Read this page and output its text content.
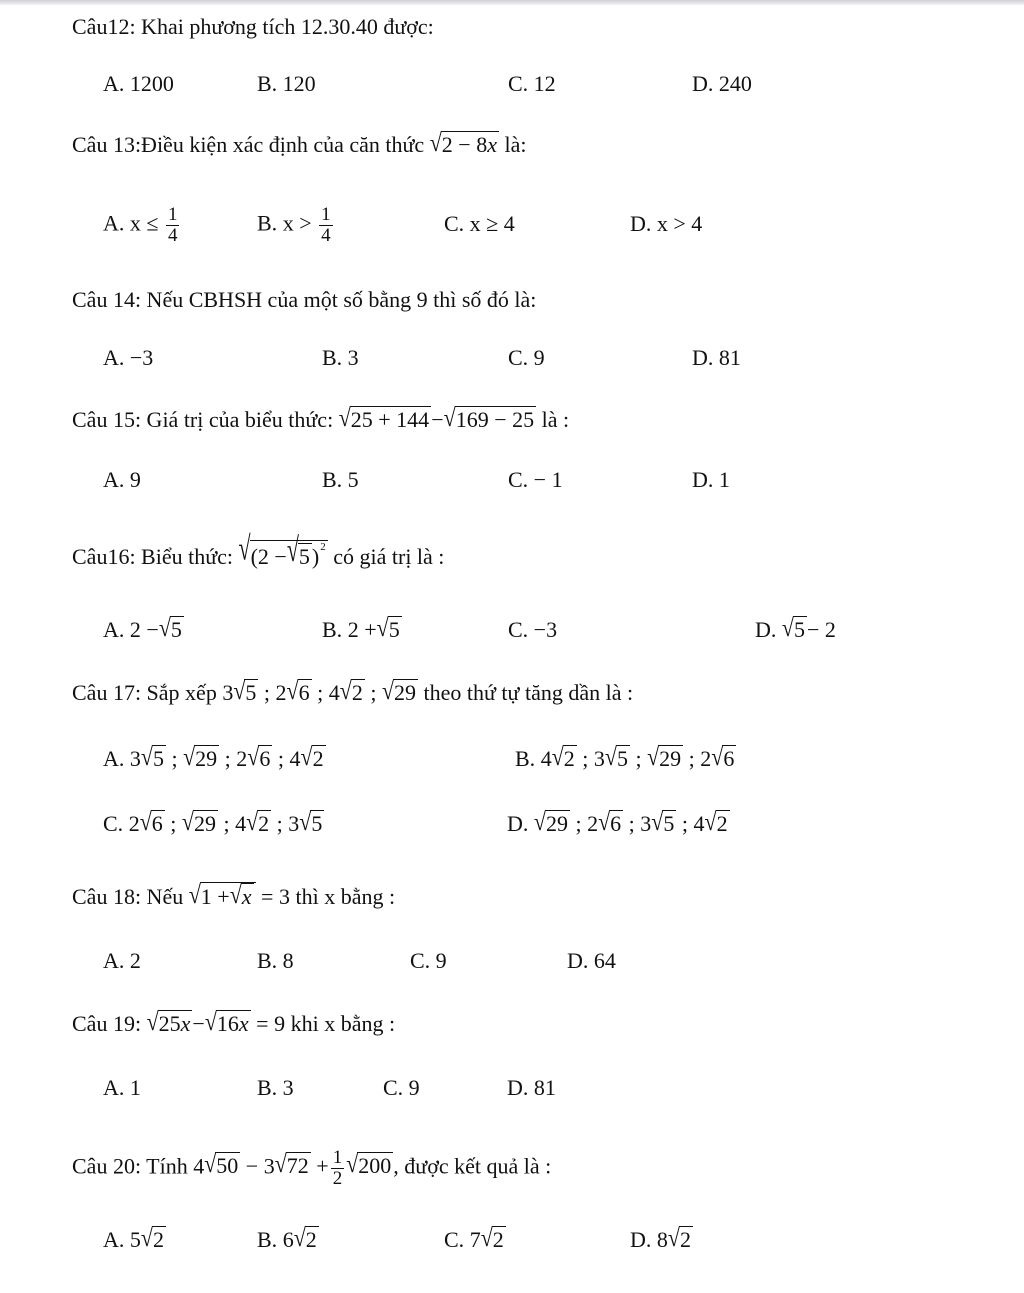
Câu12: Khai phương tích 12.30.40 được:
A. 1200	B. 120	C. 12	D. 240
Câu 13:Điều kiện xác định của căn thức √2 − 8x là:
A. $x \le \frac{1}{4}$	B. $x > \frac{1}{4}$	C. x ≥ 4	D. x > 4
Câu 14: Nếu CBHSH của một số bằng 9 thì số đó là:
A. −3	B. 3	C. 9	D. 81
Câu 15: Giá trị của biểu thức: √25 + 144−√169 − 25 là :
A. 9	B. 5	C. − 1	D. 1
Câu16: Biểu thức: $√(2 -√5)^2$ có giá trị là :
A. 2 −√5	B. 2 +√5	C. −3	D. √5− 2
Câu 17: Sắp xếp 3√5 ; 2√6 ; 4√2 ; √29 theo thứ tự tăng dần là :
A. 3√5 ; √29 ; 2√6 ; 4√2	B. 4√2 ; 3√5 ; √29 ; 2√6
C. 2√6 ; √29 ; 4√2 ; 3√5	D. √29 ; 2√6 ; 3√5 ; 4√2
Câu 18: Nếu √1 +√x = 3 thì x bằng :
A. 2	B. 8	C. 9	D. 64
Câu 19: √25x−√16x = 9 khi x bằng :
A. 1	B. 3	C. 9	D. 81
Câu 20: Tính $4√50 - 3√72 + \frac{1}{2} √200$, được kết quả là :
A. 5√2	B. 6√2	C. 7√2	D. 8√2
